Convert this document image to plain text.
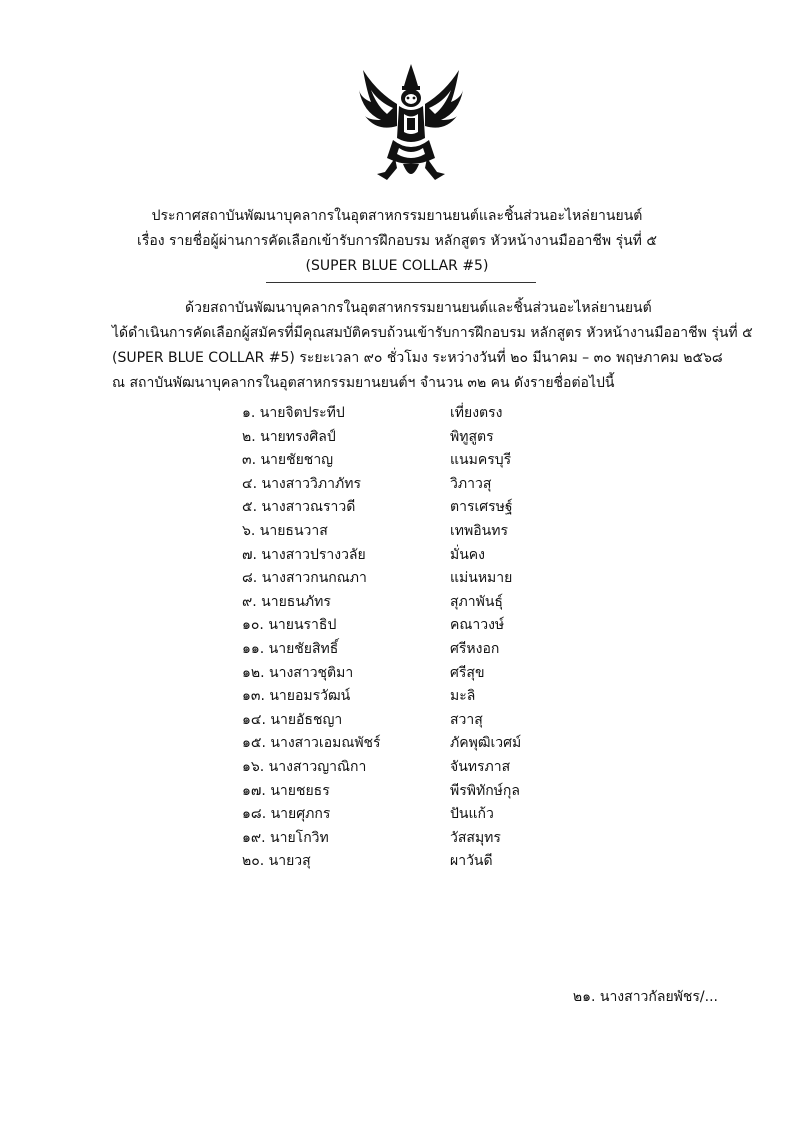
ประกาศสถาบันพัฒนาบุคลากรในอุตสาหกรรมยานยนต์และชิ้นส่วนอะไหล่ยานยนต์
เรื่อง รายชื่อผู้ผ่านการคัดเลือกเข้ารับการฝึกอบรม หลักสูตร หัวหน้างานมืออาชีพ รุ่นที่ ๕
(SUPER BLUE COLLAR #5)
ด้วยสถาบันพัฒนาบุคลากรในอุตสาหกรรมยานยนต์และชิ้นส่วนอะไหล่ยานยนต์
ได้ดำเนินการคัดเลือกผู้สมัครที่มีคุณสมบัติครบถ้วนเข้ารับการฝึกอบรม หลักสูตร หัวหน้างานมืออาชีพ รุ่นที่ ๕
(SUPER BLUE COLLAR #5) ระยะเวลา ๙๐ ชั่วโมง ระหว่างวันที่ ๒๐ มีนาคม – ๓๐ พฤษภาคม ๒๕๖๘
ณ สถาบันพัฒนาบุคลากรในอุตสาหกรรมยานยนต์ฯ จำนวน ๓๒ คน ดังรายชื่อต่อไปนี้
๑. นายจิตประทีป	เที่ยงตรง
๒. นายทรงศิลป์	พิทูสูตร
๓. นายชัยชาญ	แนมครบุรี
๔. นางสาววิภาภัทร	วิภาวสุ
๕. นางสาวณราวดี	ตารเศรษฐ์
๖. นายธนวาส	เทพอินทร
๗. นางสาวปรางวลัย	มั่นคง
๘. นางสาวกนกณภา	แม่นหมาย
๙. นายธนภัทร	สุภาพันธุ์
๑๐. นายนราธิป	คณาวงษ์
๑๑. นายชัยสิทธิ์	ศรีหงอก
๑๒. นางสาวชุติมา	ศรีสุข
๑๓. นายอมรวัฒน์	มะลิ
๑๔. นายอัธชญา	สวาสุ
๑๕. นางสาวเอมณพัชร์	ภัคพุฒิเวศม์
๑๖. นางสาวญาณิกา	จันทรภาส
๑๗. นายชยธร	พีรพิทักษ์กุล
๑๘. นายศุภกร	ปันแก้ว
๑๙. นายโกวิท	วัสสมุทร
๒๐. นายวสุ	ผาวันดี
๒๑. นางสาวกัลยพัชร/...
